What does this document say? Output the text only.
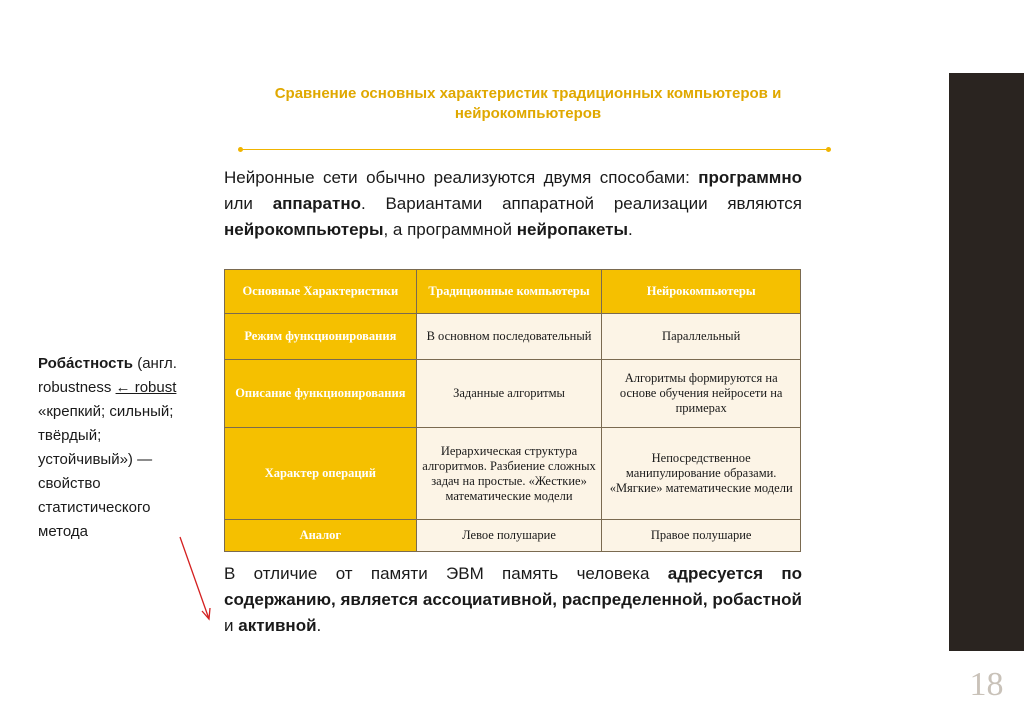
Сравнение основных характеристик традиционных компьютеров и нейрокомпьютеров
Нейронные сети обычно реализуются двумя способами: программно или аппаратно. Вариантами аппаратной реализации являются нейрокомпьютеры, а программной нейропакеты.
Основные Характеристики	Традиционные компьютеры	Нейрокомпьютеры
Режим функционирования	В основном последовательный	Параллельный
Описание функционирования	Заданные алгоритмы	Алгоритмы формируются на основе обучения нейросети на примерах
Характер операций	Иерархическая структура алгоритмов. Разбиение сложных задач на простые. «Жесткие» математические модели	Непосредственное манипулирование образами. «Мягкие» математические модели
Аналог	Левое полушарие	Правое полушарие
В отличие от памяти ЭВМ память человека адресуется по содержанию, является ассоциативной, распределенной, робастной и активной.
Роба́стность (англ. robustness ← robust «крепкий; сильный; твёрдый; устойчивый») — свойство статистического метода
18
